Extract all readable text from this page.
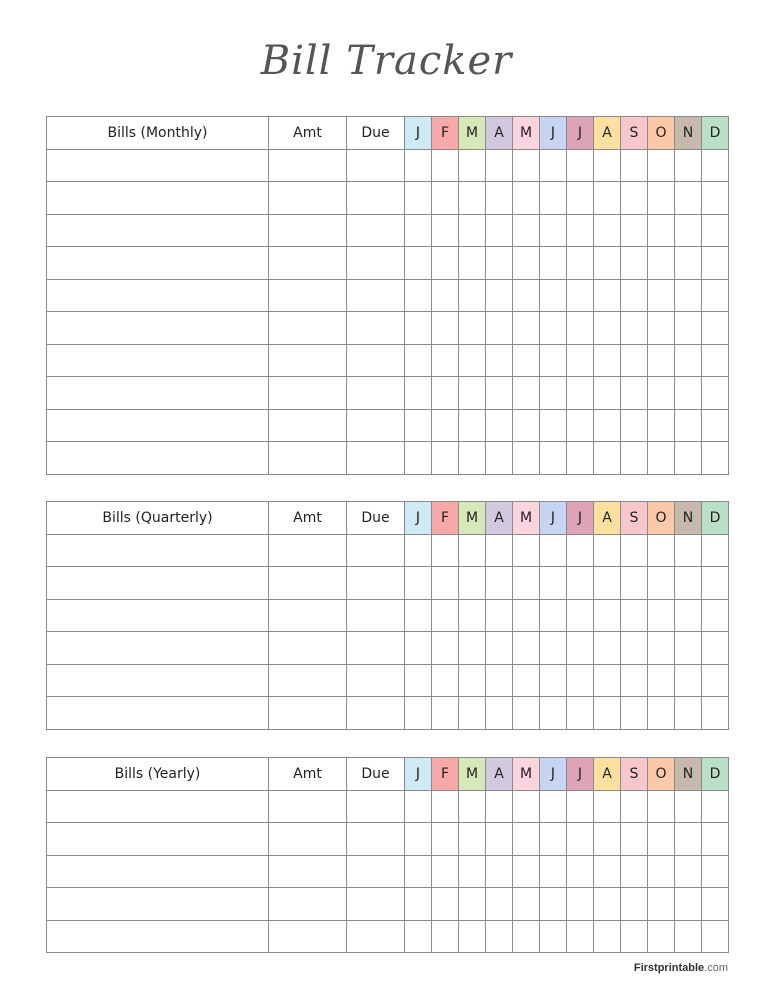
Bill Tracker
Bills (Monthly)	Amt	Due	J	F	M	A	M	J	J	A	S	O	N	D

Bills (Quarterly)	Amt	Due	J	F	M	A	M	J	J	A	S	O	N	D

Bills (Yearly)	Amt	Due	J	F	M	A	M	J	J	A	S	O	N	D

Firstprintable.com
